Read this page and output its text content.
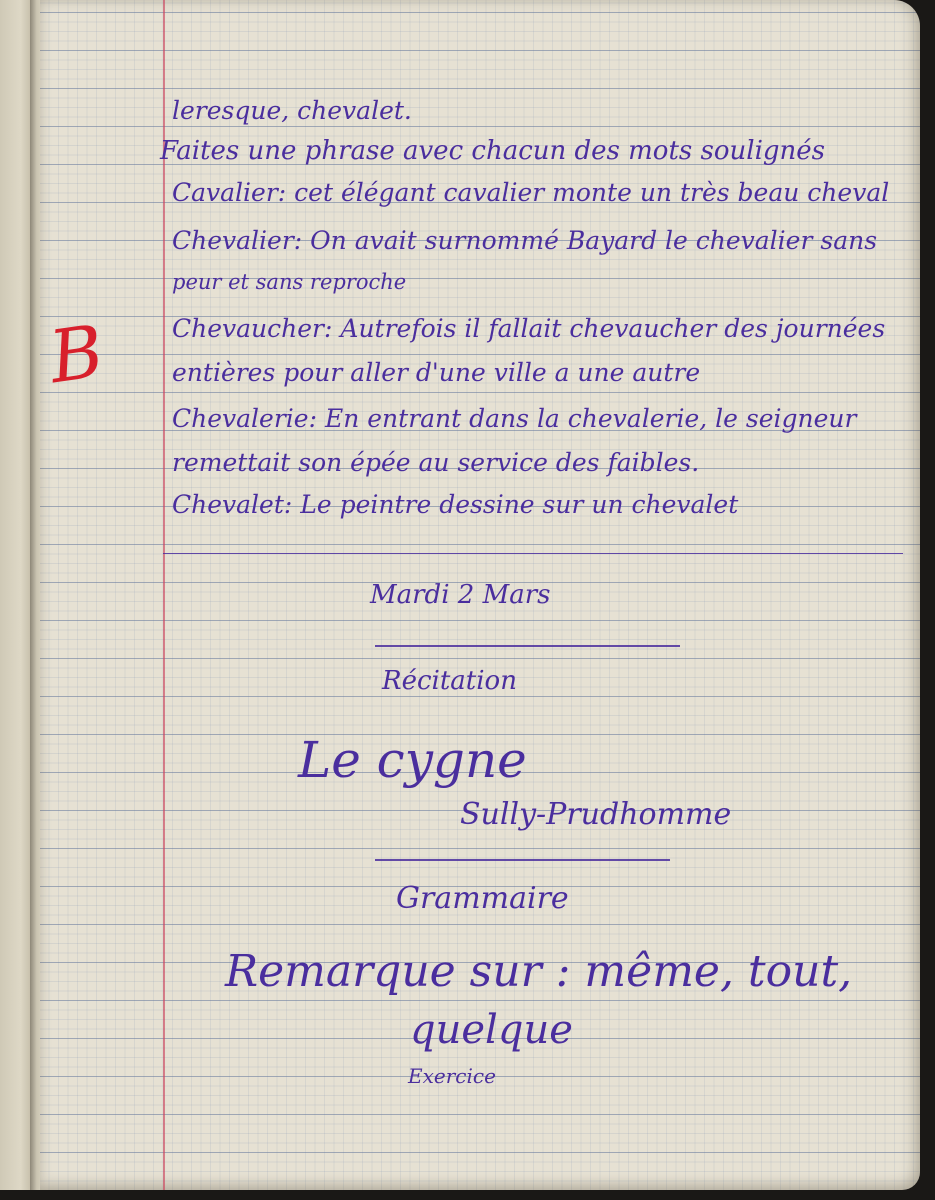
B
leresque, chevalet.
Faites une phrase avec chacun des mots soulignés
Cavalier: cet élégant cavalier monte un très beau cheval
Chevalier: On avait surnommé Bayard le chevalier sans
peur et sans reproche
Chevaucher: Autrefois il fallait chevaucher des journées
entières pour aller d'une ville a une autre
Chevalerie: En entrant dans la chevalerie, le seigneur
remettait son épée au service des faibles.
Chevalet: Le peintre dessine sur un chevalet
Mardi 2 Mars
Récitation
Le cygne
Sully-Prudhomme
Grammaire
Remarque sur : même, tout,
quelque
Exercice
